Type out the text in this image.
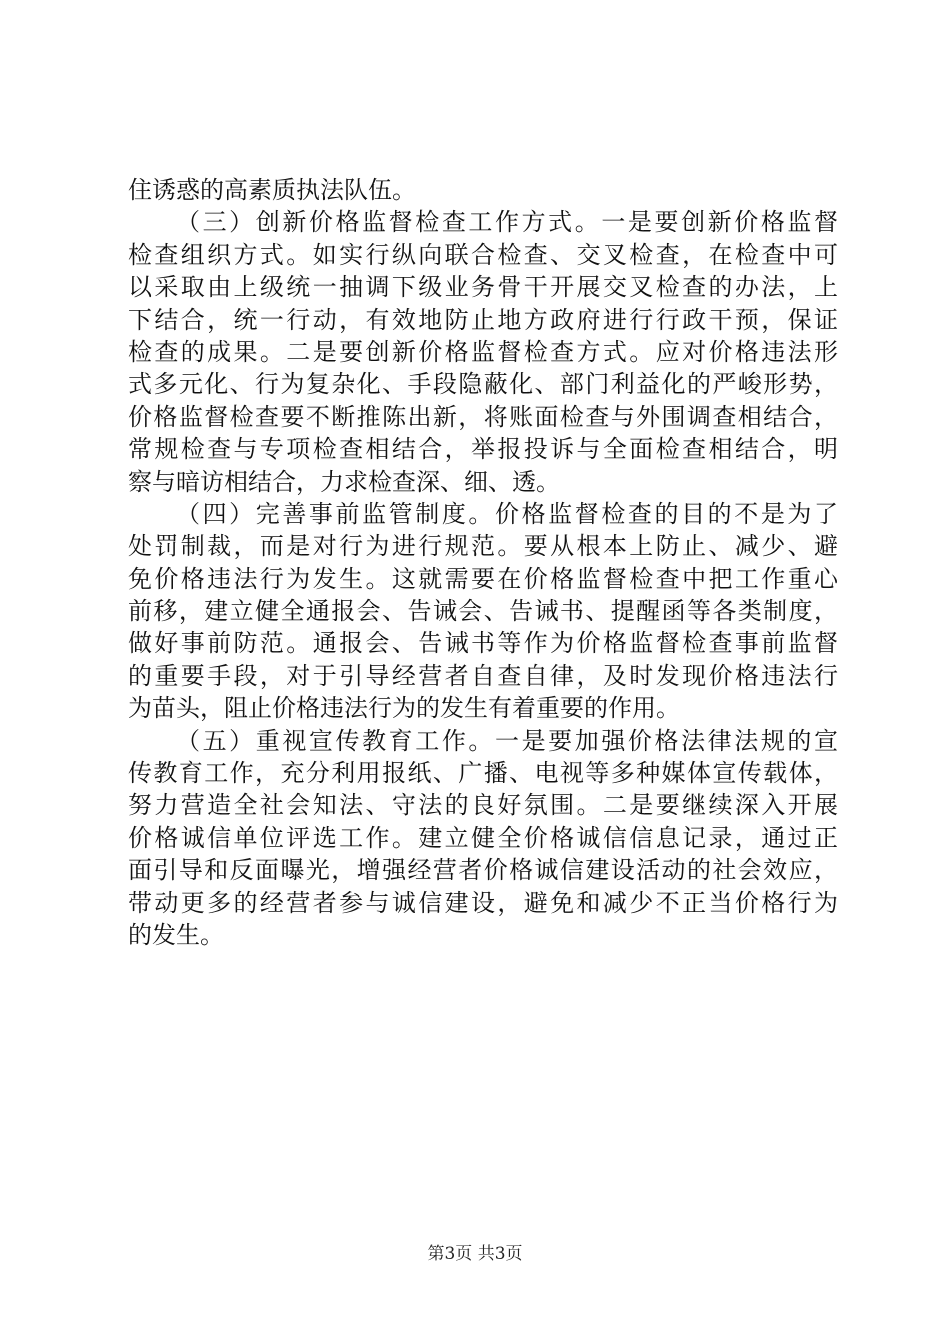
住诱惑的高素质执法队伍。
（三）创新价格监督检查工作方式。一是要创新价格监督
检查组织方式。如实行纵向联合检查、交叉检查，在检查中可
以采取由上级统一抽调下级业务骨干开展交叉检查的办法，上
下结合，统一行动，有效地防止地方政府进行行政干预，保证
检查的成果。二是要创新价格监督检查方式。应对价格违法形
式多元化、行为复杂化、手段隐蔽化、部门利益化的严峻形势，
价格监督检查要不断推陈出新，将账面检查与外围调查相结合，
常规检查与专项检查相结合，举报投诉与全面检查相结合，明
察与暗访相结合，力求检查深、细、透。
（四）完善事前监管制度。价格监督检查的目的不是为了
处罚制裁，而是对行为进行规范。要从根本上防止、减少、避
免价格违法行为发生。这就需要在价格监督检查中把工作重心
前移，建立健全通报会、告诫会、告诫书、提醒函等各类制度，
做好事前防范。通报会、告诫书等作为价格监督检查事前监督
的重要手段，对于引导经营者自查自律，及时发现价格违法行
为苗头，阻止价格违法行为的发生有着重要的作用。
（五）重视宣传教育工作。一是要加强价格法律法规的宣
传教育工作，充分利用报纸、广播、电视等多种媒体宣传载体，
努力营造全社会知法、守法的良好氛围。二是要继续深入开展
价格诚信单位评选工作。建立健全价格诚信信息记录，通过正
面引导和反面曝光，增强经营者价格诚信建设活动的社会效应，
带动更多的经营者参与诚信建设，避免和减少不正当价格行为
的发生。
第3页 共3页
